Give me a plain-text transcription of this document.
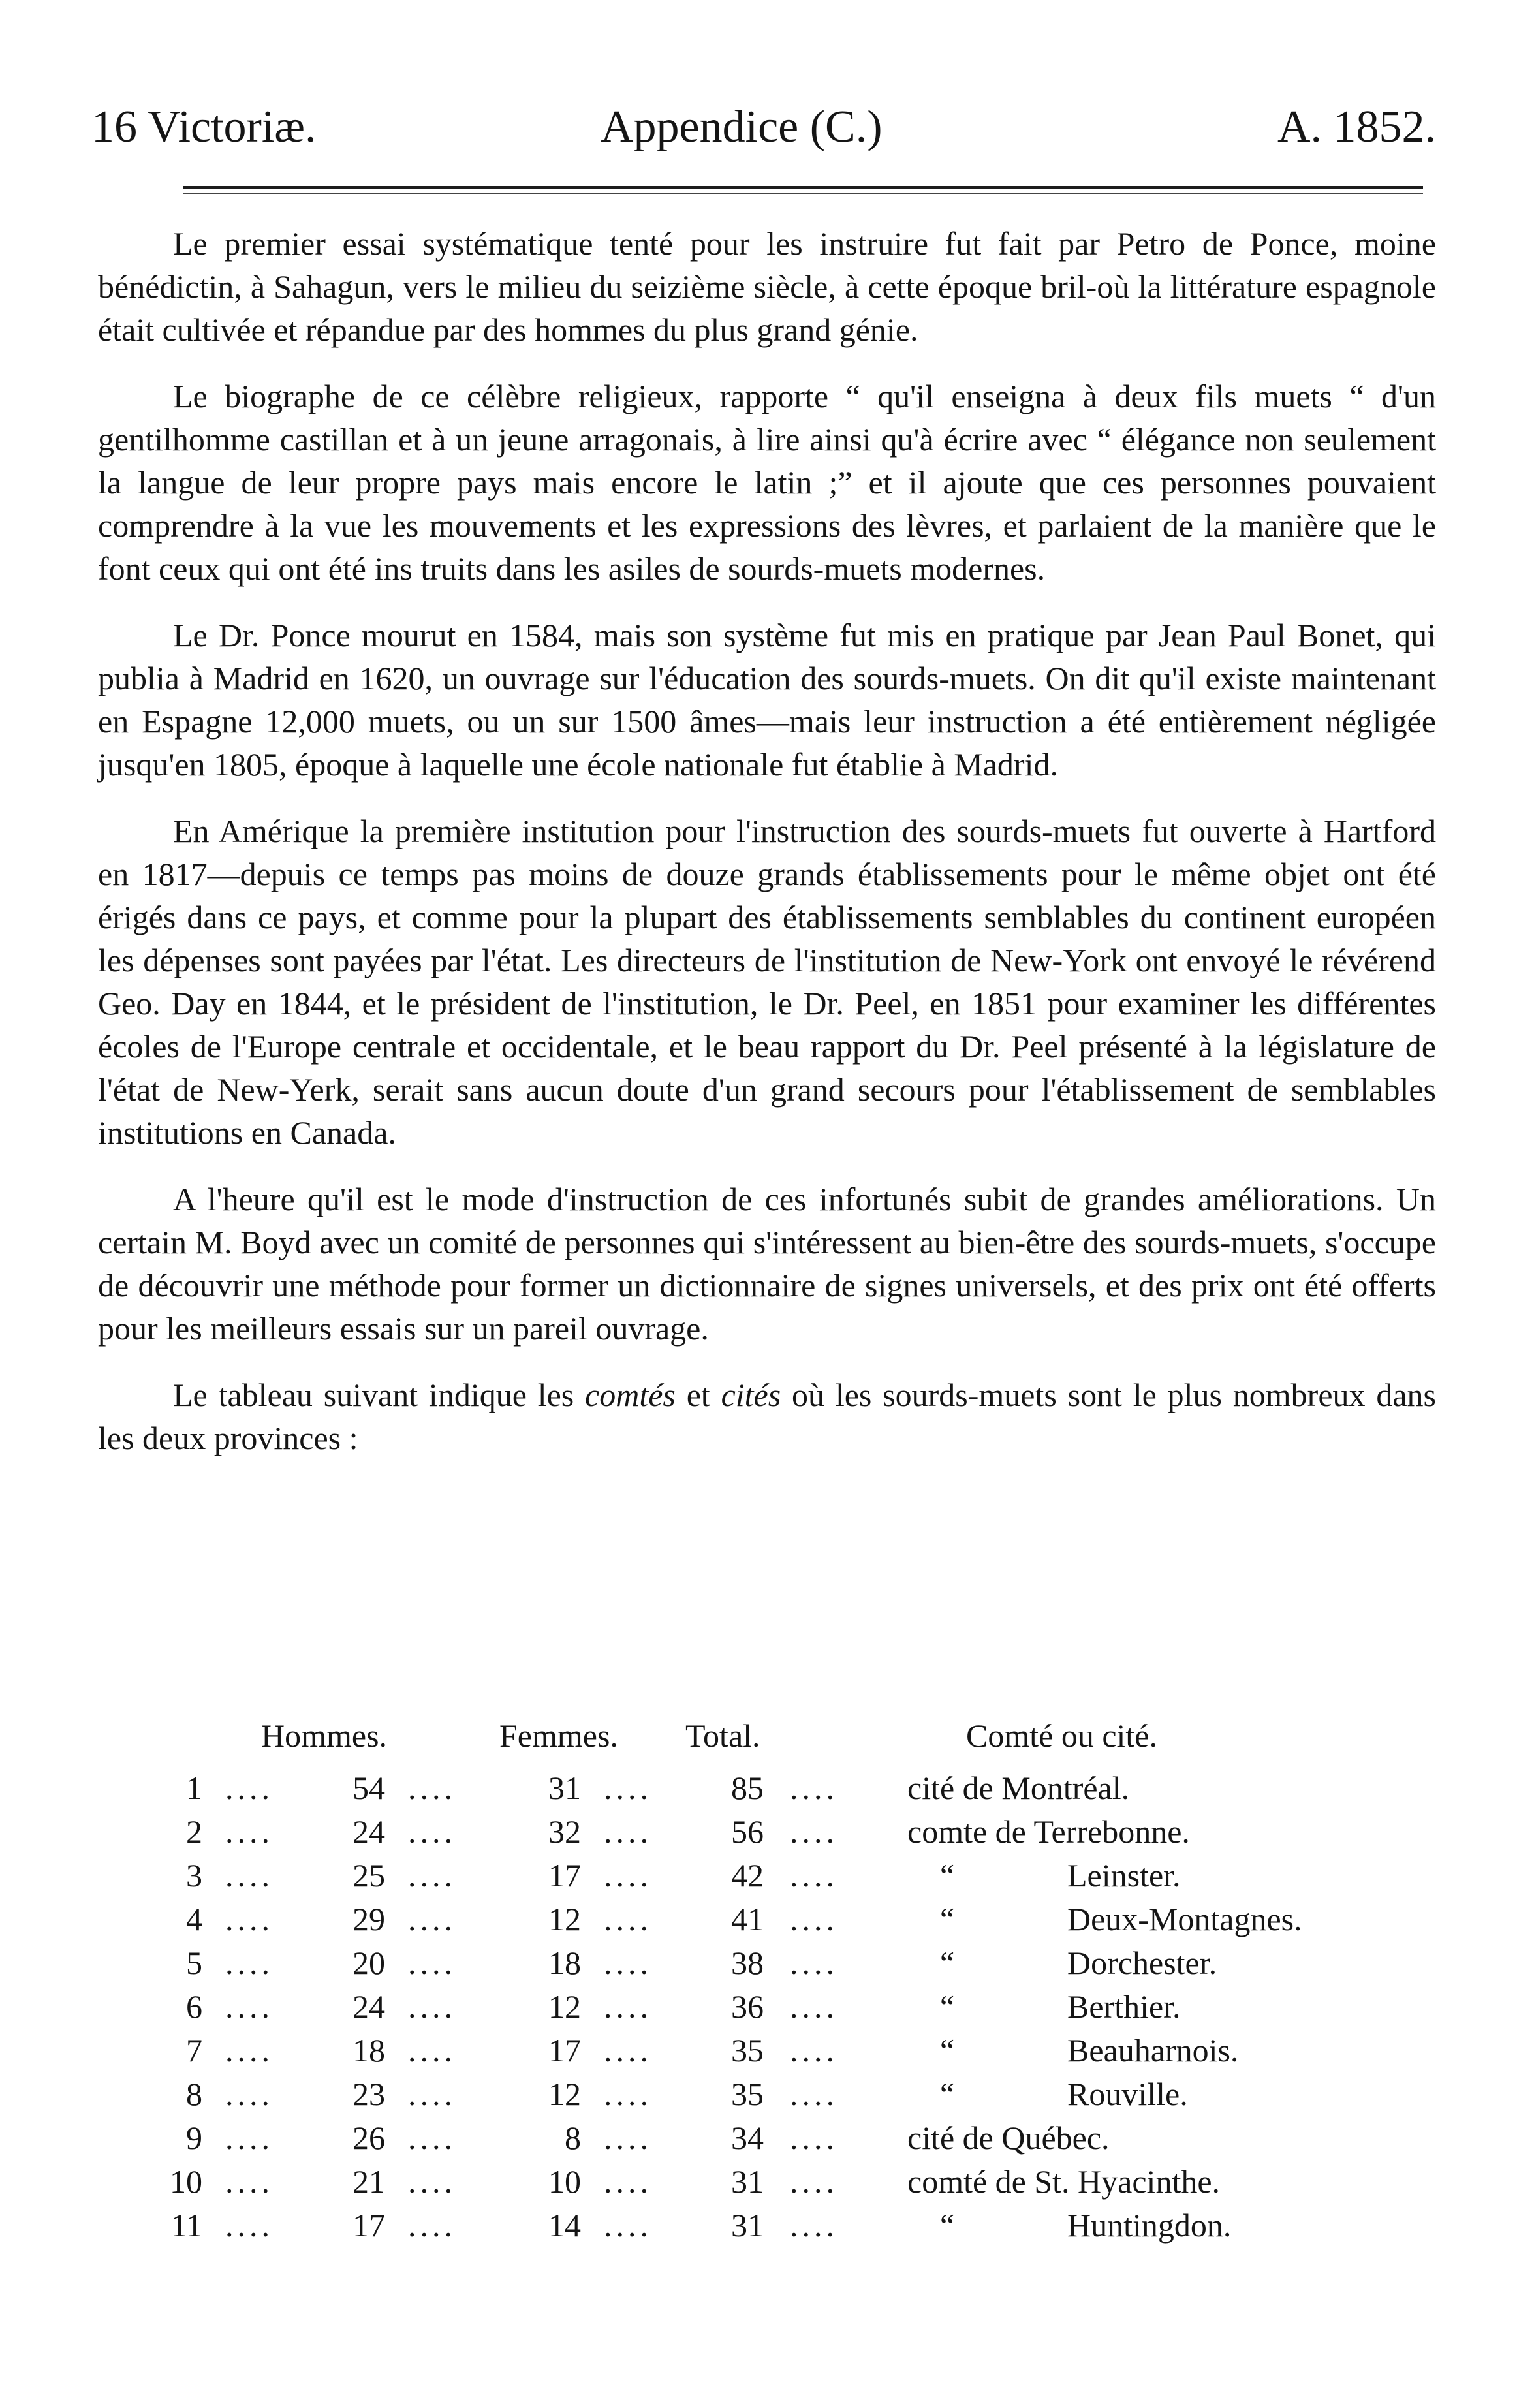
16 Victoriæ.	Appendice (C.)	A. 1852.

Le premier essai systématique tenté pour les instruire fut fait par Petro de Ponce, moine bénédictin, à Sahagun, vers le milieu du seizième siècle, à cette époque bril-où la littérature espagnole était cultivée et répandue par des hommes du plus grand génie.

Le biographe de ce célèbre religieux, rapporte “ qu'il enseigna à deux fils muets “ d'un gentilhomme castillan et à un jeune arragonais, à lire ainsi qu'à écrire avec “ élégance non seulement la langue de leur propre pays mais encore le latin ;” et il ajoute que ces personnes pouvaient comprendre à la vue les mouvements et les expressions des lèvres, et parlaient de la manière que le font ceux qui ont été ins truits dans les asiles de sourds-muets modernes.

Le Dr. Ponce mourut en 1584, mais son système fut mis en pratique par Jean Paul Bonet, qui publia à Madrid en 1620, un ouvrage sur l'éducation des sourds-muets. On dit qu'il existe maintenant en Espagne 12,000 muets, ou un sur 1500 âmes—mais leur instruction a été entièrement négligée jusqu'en 1805, époque à laquelle une école nationale fut établie à Madrid.

En Amérique la première institution pour l'instruction des sourds-muets fut ouverte à Hartford en 1817—depuis ce temps pas moins de douze grands établissements pour le même objet ont été érigés dans ce pays, et comme pour la plupart des établissements semblables du continent européen les dépenses sont payées par l'état. Les directeurs de l'institution de New-York ont envoyé le révérend Geo. Day en 1844, et le président de l'institution, le Dr. Peel, en 1851 pour examiner les différentes écoles de l'Europe centrale et occidentale, et le beau rapport du Dr. Peel présenté à la législature de l'état de New-Yerk, serait sans aucun doute d'un grand secours pour l'établissement de semblables institutions en Canada.

A l'heure qu'il est le mode d'instruction de ces infortunés subit de grandes améliorations. Un certain M. Boyd avec un comité de personnes qui s'intéressent au bien-être des sourds-muets, s'occupe de découvrir une méthode pour former un dictionnaire de signes universels, et des prix ont été offerts pour les meilleurs essais sur un pareil ouvrage.

Le tableau suivant indique les comtés et cités où les sourds-muets sont le plus nombreux dans les deux provinces :

Hommes.	Femmes. Total.	Comté ou cité.
1 ....	54 ....	31 ....	85 .... cité de Montréal.
2 ....	24 ....	32 ....	56 .... comte de Terrebonne.
3 ....	25 ....	17 ....	42 ....	“	Leinster.
4 ....	29 ....	12 ....	41 ....	“	Deux-Montagnes.
5 ....	20 ....	18 ....	38 ....	“	Dorchester.
6 ....	24 ....	12 ....	36 ....	“	Berthier.
7 ....	18 ....	17 ....	35 ....	“	Beauharnois.
8 ....	23 ....	12 ....	35 ....	“	Rouville.
9 ....	26 ....	8 ....	34 .... cité de Québec.
10 ....	21 ....	10 ....	31 .... comté de St. Hyacinthe.
11 ....	17 ....	14 ....	31 ....	“	Huntingdon.
